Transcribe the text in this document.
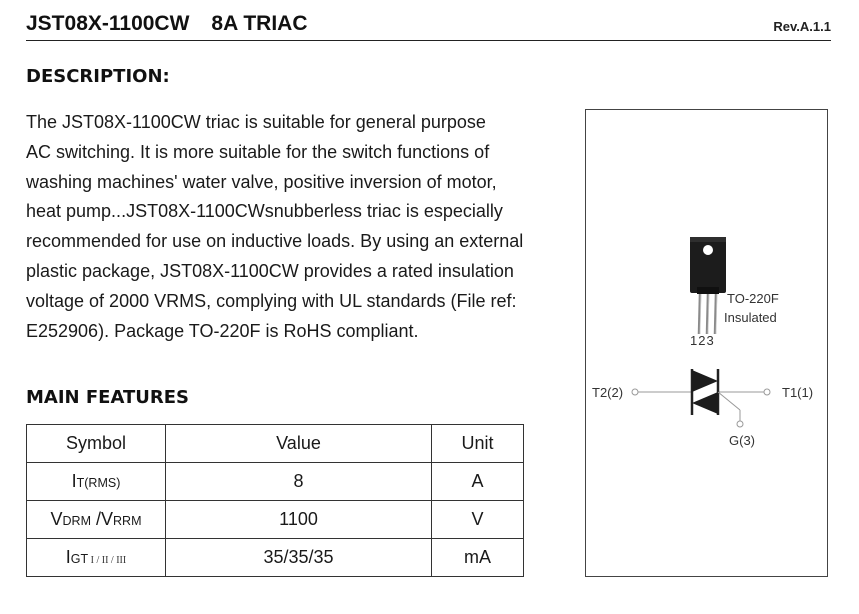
JST08X-1100CW 8A TRIAC	Rev.A.1.1
DESCRIPTION:
The JST08X-1100CW triac is suitable for general purpose
AC switching. It is more suitable for the switch functions of
washing machines' water valve, positive inversion of motor,
heat pump...JST08X-1100CWsnubberless triac is especially
recommended for use on inductive loads. By using an external
plastic package, JST08X-1100CW provides a rated insulation
voltage of 2000 VRMS, complying with UL standards (File ref:
E252906). Package TO-220F is RoHS compliant.
MAIN FEATURES
Symbol	Value	Unit
IT(RMS)	8	A
VDRM /VRRM	1100	V
IGT I / II / III	35/35/35	mA
123
TO-220F
Insulated
T2(2)	T1(1)
G(3)
